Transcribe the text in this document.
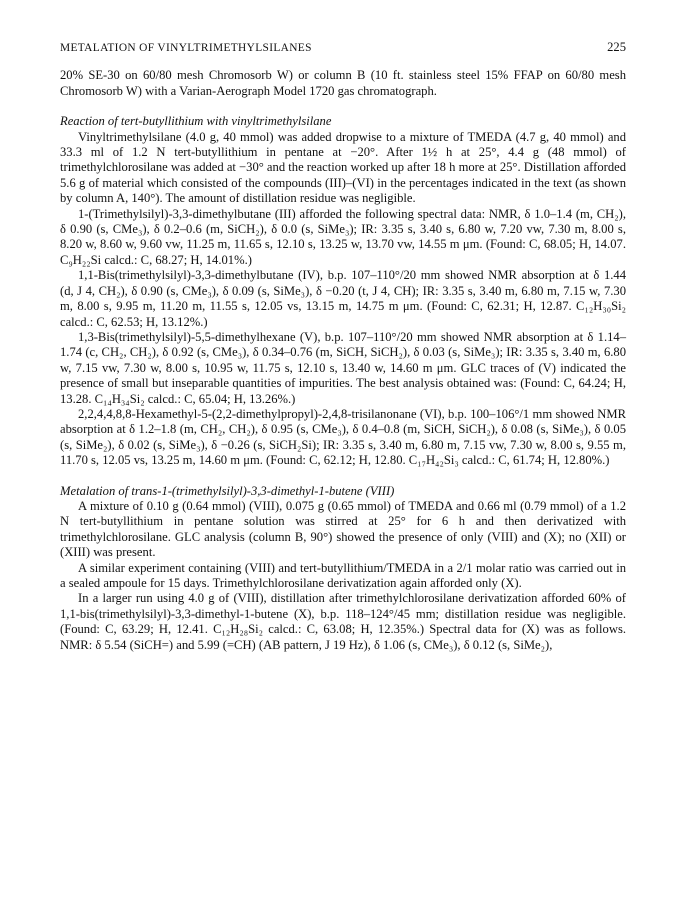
METALATION OF VINYLTRIMETHYLSILANES	225

20% SE-30 on 60/80 mesh Chromosorb W) or column B (10 ft. stainless steel 15% FFAP on 60/80 mesh Chromosorb W) with a Varian-Aerograph Model 1720 gas chromatograph.

Reaction of tert-butyllithium with vinyltrimethylsilane

Vinyltrimethylsilane (4.0 g, 40 mmol) was added dropwise to a mixture of TMEDA (4.7 g, 40 mmol) and 33.3 ml of 1.2 N tert-butyllithium in pentane at −20°. After 1½ h at 25°, 4.4 g (48 mmol) of trimethylchlorosilane was added at −30° and the reaction worked up after 18 h more at 25°. Distillation afforded 5.6 g of material which consisted of the compounds (III)–(VI) in the percentages indicated in the text (as shown by column A, 140°). The amount of distillation residue was negligible.

1-(Trimethylsilyl)-3,3-dimethylbutane (III) afforded the following spectral data: NMR, δ 1.0–1.4 (m, CH₂), δ 0.90 (s, CMe₃), δ 0.2–0.6 (m, SiCH₂), δ 0.0 (s, SiMe₃); IR: 3.35 s, 3.40 s, 6.80 w, 7.20 vw, 7.30 m, 8.00 s, 8.20 w, 8.60 w, 9.60 vw, 11.25 m, 11.65 s, 12.10 s, 13.25 w, 13.70 vw, 14.55 m μm. (Found: C, 68.05; H, 14.07. C₉H₂₂Si calcd.: C, 68.27; H, 14.01%.)

1,1-Bis(trimethylsilyl)-3,3-dimethylbutane (IV), b.p. 107–110°/20 mm showed NMR absorption at δ 1.44 (d, J 4, CH₂), δ 0.90 (s, CMe₃), δ 0.09 (s, SiMe₃), δ −0.20 (t, J 4, CH); IR: 3.35 s, 3.40 m, 6.80 m, 7.15 w, 7.30 m, 8.00 s, 9.95 m, 11.20 m, 11.55 s, 12.05 vs, 13.15 m, 14.75 m μm. (Found: C, 62.31; H, 12.87. C₁₂H₃₀Si₂ calcd.: C, 62.53; H, 13.12%.)

1,3-Bis(trimethylsilyl)-5,5-dimethylhexane (V), b.p. 107–110°/20 mm showed NMR absorption at δ 1.14–1.74 (c, CH₂, CH₂), δ 0.92 (s, CMe₃), δ 0.34–0.76 (m, SiCH, SiCH₂), δ 0.03 (s, SiMe₃); IR: 3.35 s, 3.40 m, 6.80 w, 7.15 vw, 7.30 w, 8.00 s, 10.95 w, 11.75 s, 12.10 s, 13.40 w, 14.60 m μm. GLC traces of (V) indicated the presence of small but inseparable quantities of impurities. The best analysis obtained was: (Found: C, 64.24; H, 13.28. C₁₄H₃₄Si₂ calcd.: C, 65.04; H, 13.26%.)

2,2,4,4,8,8-Hexamethyl-5-(2,2-dimethylpropyl)-2,4,8-trisilanonane (VI), b.p. 100–106°/1 mm showed NMR absorption at δ 1.2–1.8 (m, CH₂, CH₂), δ 0.95 (s, CMe₃), δ 0.4–0.8 (m, SiCH, SiCH₂), δ 0.08 (s, SiMe₃), δ 0.05 (s, SiMe₂), δ 0.02 (s, SiMe₃), δ −0.26 (s, SiCH₂Si); IR: 3.35 s, 3.40 m, 6.80 m, 7.15 vw, 7.30 w, 8.00 s, 9.55 m, 11.70 s, 12.05 vs, 13.25 m, 14.60 m μm. (Found: C, 62.12; H, 12.80. C₁₇H₄₂Si₃ calcd.: C, 61.74; H, 12.80%.)

Metalation of trans-1-(trimethylsilyl)-3,3-dimethyl-1-butene (VIII)

A mixture of 0.10 g (0.64 mmol) (VIII), 0.075 g (0.65 mmol) of TMEDA and 0.66 ml (0.79 mmol) of a 1.2 N tert-butyllithium in pentane solution was stirred at 25° for 6 h and then derivatized with trimethylchlorosilane. GLC analysis (column B, 90°) showed the presence of only (VIII) and (X); no (XII) or (XIII) was present.

A similar experiment containing (VIII) and tert-butyllithium/TMEDA in a 2/1 molar ratio was carried out in a sealed ampoule for 15 days. Trimethylchlorosilane derivatization again afforded only (X).

In a larger run using 4.0 g of (VIII), distillation after trimethylchlorosilane derivatization afforded 60% of 1,1-bis(trimethylsilyl)-3,3-dimethyl-1-butene (X), b.p. 118–124°/45 mm; distillation residue was negligible. (Found: C, 63.29; H, 12.41. C₁₂H₂₈Si₂ calcd.: C, 63.08; H, 12.35%.) Spectral data for (X) was as follows. NMR: δ 5.54 (SiCH=) and 5.99 (=CH) (AB pattern, J 19 Hz), δ 1.06 (s, CMe₃), δ 0.12 (s, SiMe₂),
